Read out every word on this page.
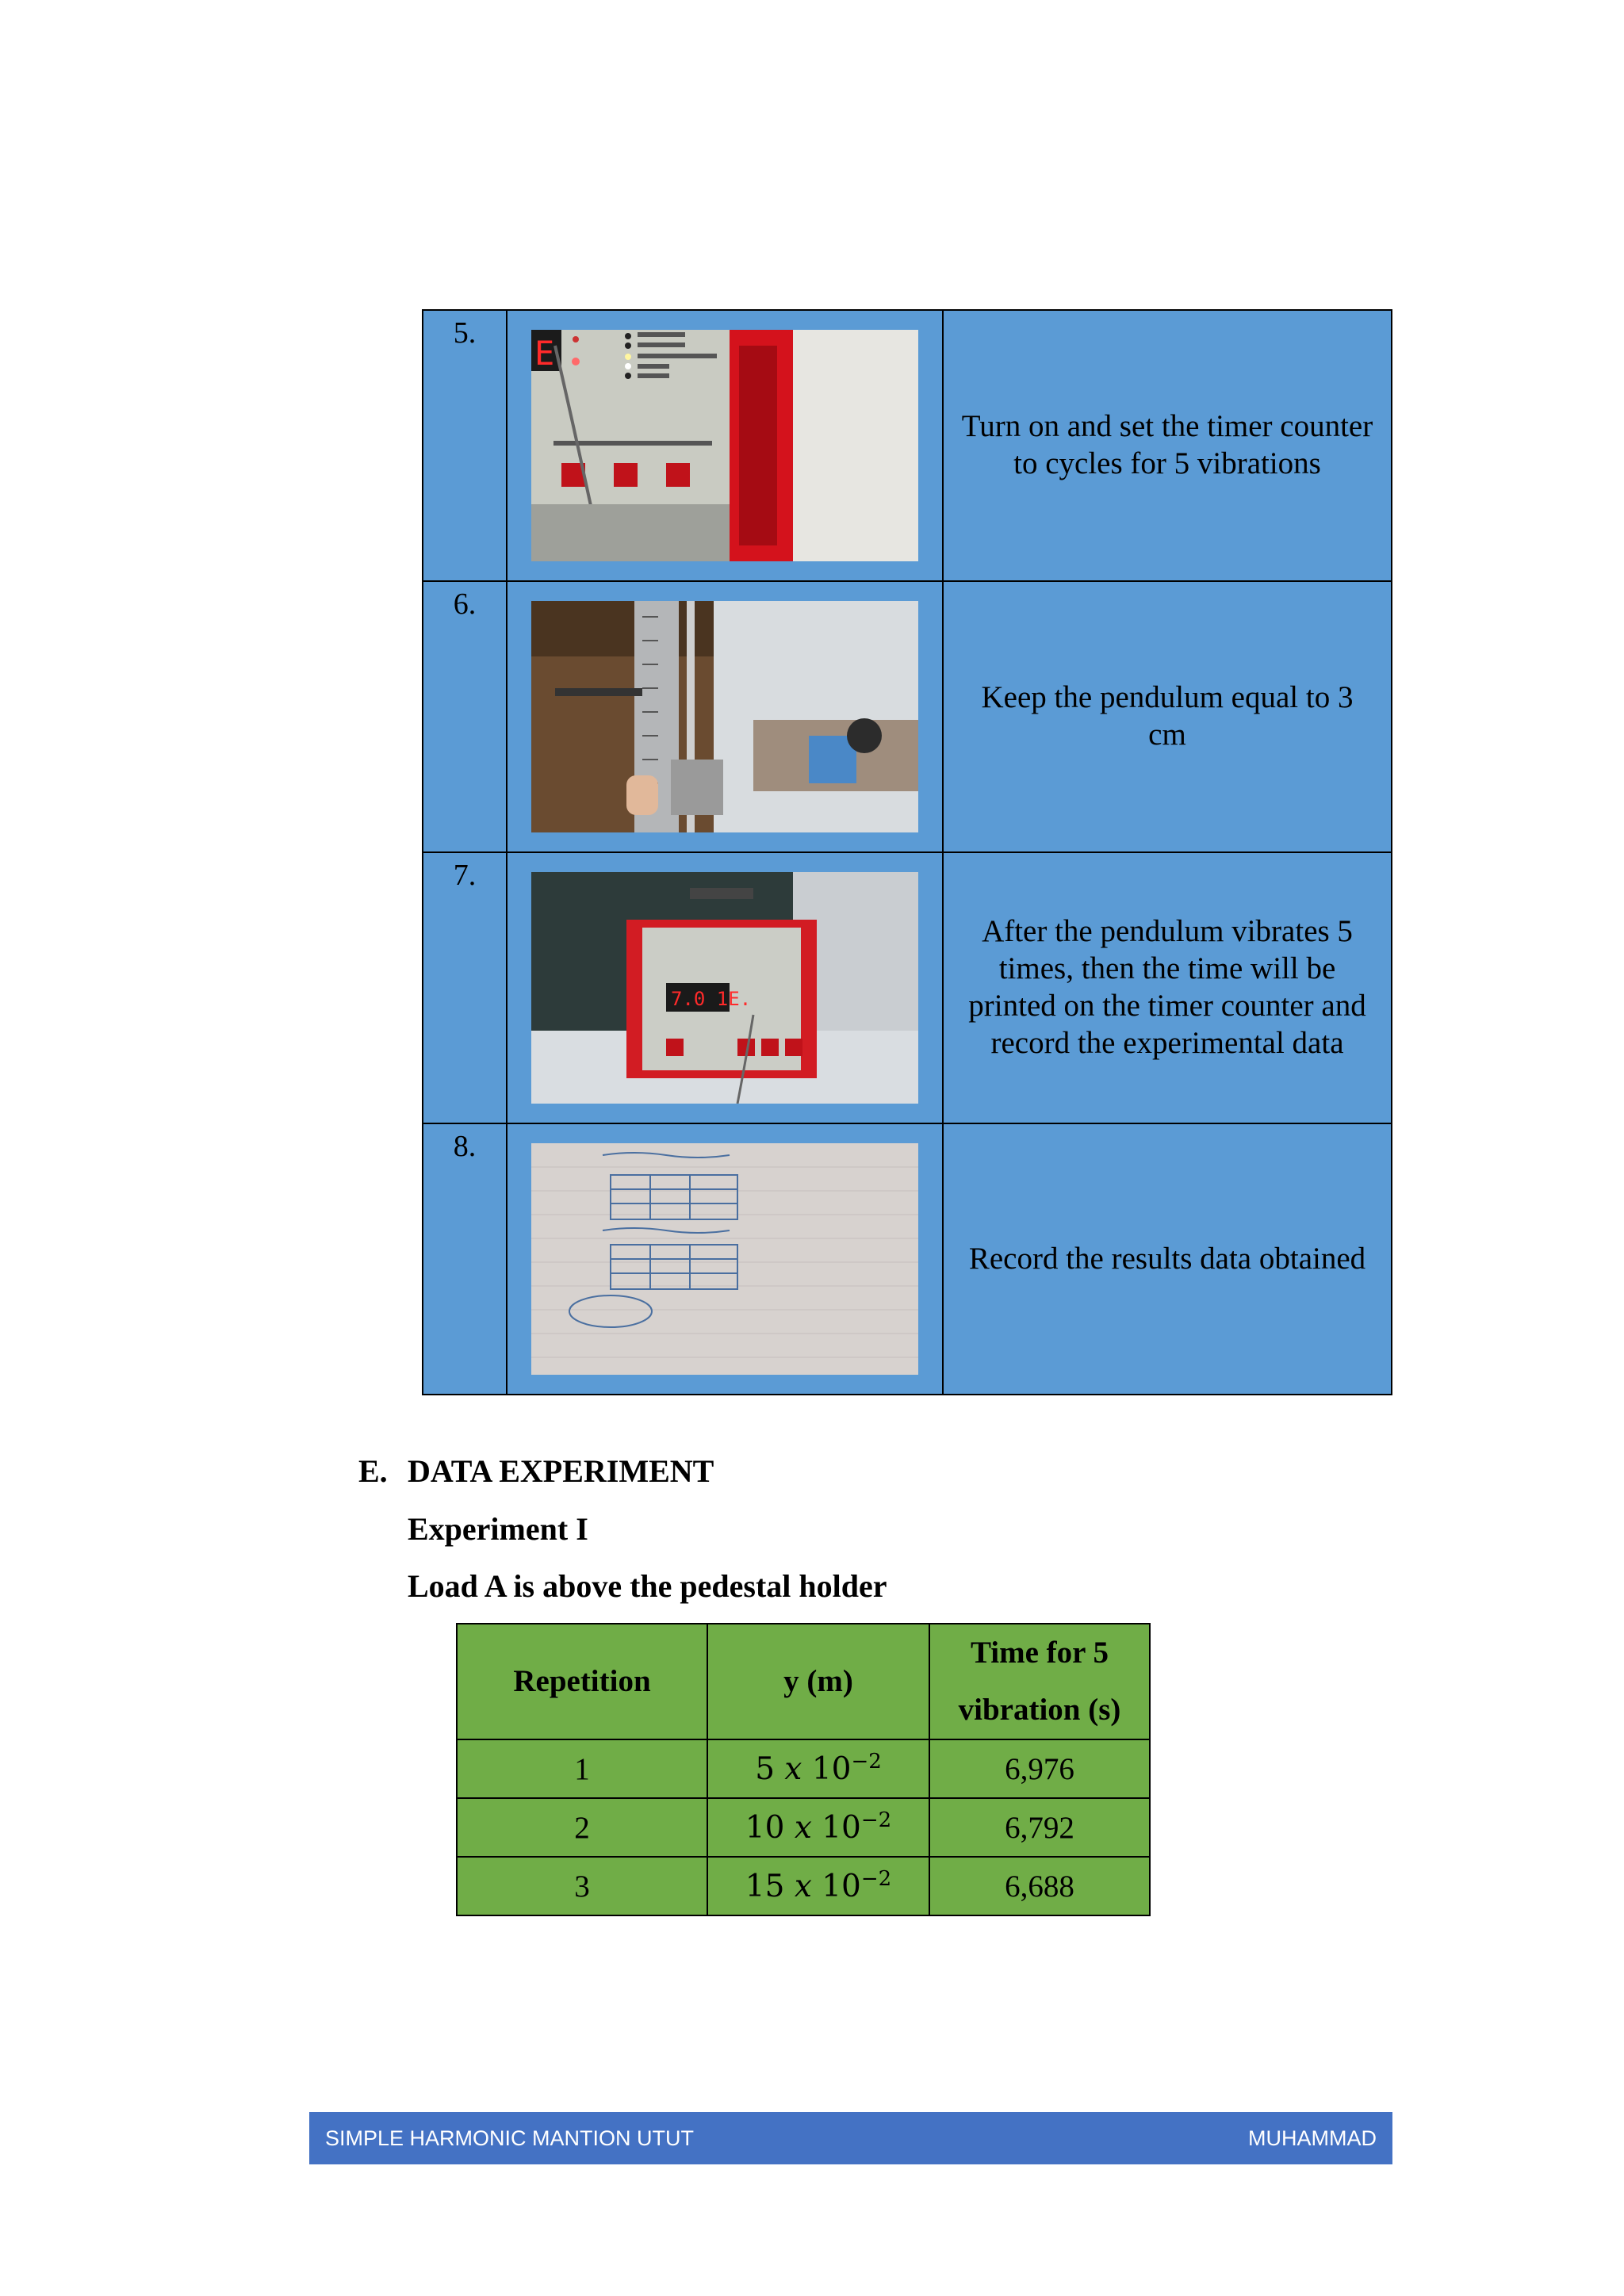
5.	E	Turn on and set the timer counter to cycles for 5 vibrations
6.		Keep the pendulum equal to 3 cm
7.	7.0 1E.	After the pendulum vibrates 5 times, then the time will be printed on the timer counter and record the experimental data
8.		Record the results data obtained
E. DATA EXPERIMENT
Experiment I
Load A is above the pedestal holder
Repetition	y (m)	Time for 5 vibration (s)
1	5 x $10^{-2}$	6,976
2	10 x $10^{-2}$	6,792
3	15 x $10^{-2}$	6,688
SIMPLE HARMONIC MANTION UTUT	MUHAMMAD
